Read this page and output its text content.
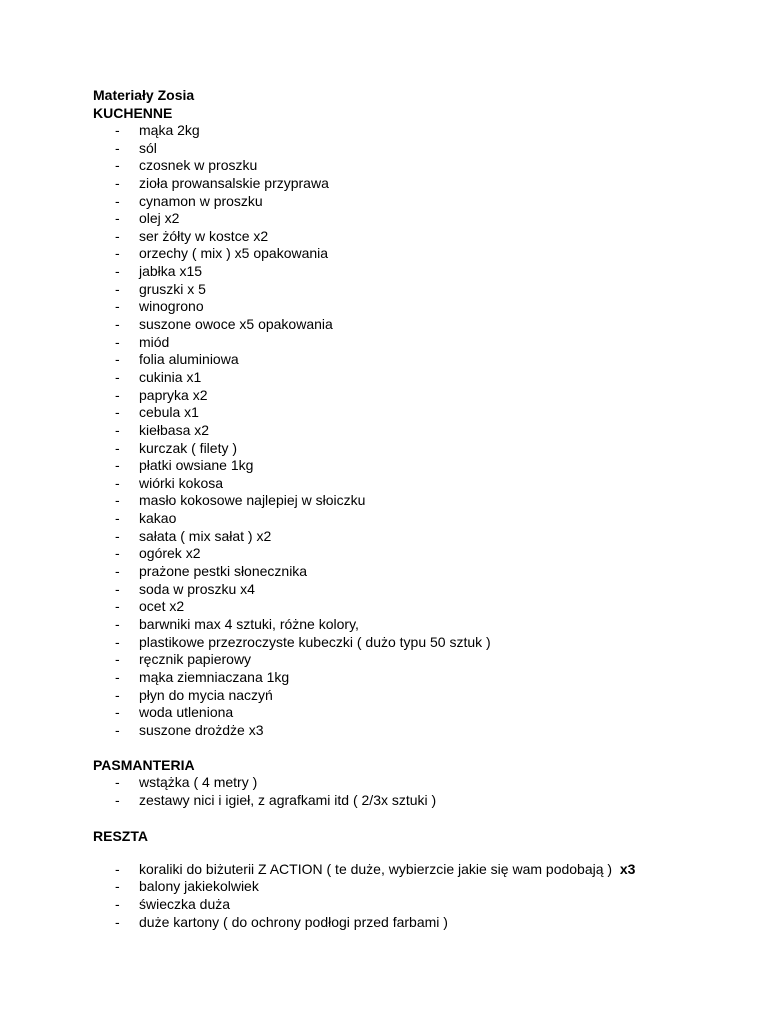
Materiały Zosia
KUCHENNE
- mąka 2kg
- sól
- czosnek w proszku
- zioła prowansalskie przyprawa
- cynamon w proszku
- olej x2
- ser żółty w kostce x2
- orzechy ( mix ) x5 opakowania
- jabłka x15
- gruszki x 5
- winogrono
- suszone owoce x5 opakowania
- miód
- folia aluminiowa
- cukinia x1
- papryka x2
- cebula x1
- kiełbasa x2
- kurczak ( filety )
- płatki owsiane 1kg
- wiórki kokosa
- masło kokosowe najlepiej w słoiczku
- kakao
- sałata ( mix sałat ) x2
- ogórek x2
- prażone pestki słonecznika
- soda w proszku x4
- ocet x2
- barwniki max 4 sztuki, różne kolory,
- plastikowe przezroczyste kubeczki ( dużo typu 50 sztuk )
- ręcznik papierowy
- mąka ziemniaczana 1kg
- płyn do mycia naczyń
- woda utleniona
- suszone drożdże x3
PASMANTERIA
- wstążka ( 4 metry )
- zestawy nici i igieł, z agrafkami itd ( 2/3x sztuki )
RESZTA
- koraliki do biżuterii Z ACTION ( te duże, wybierzcie jakie się wam podobają ) x3
- balony jakiekolwiek
- świeczka duża
- duże kartony ( do ochrony podłogi przed farbami )
